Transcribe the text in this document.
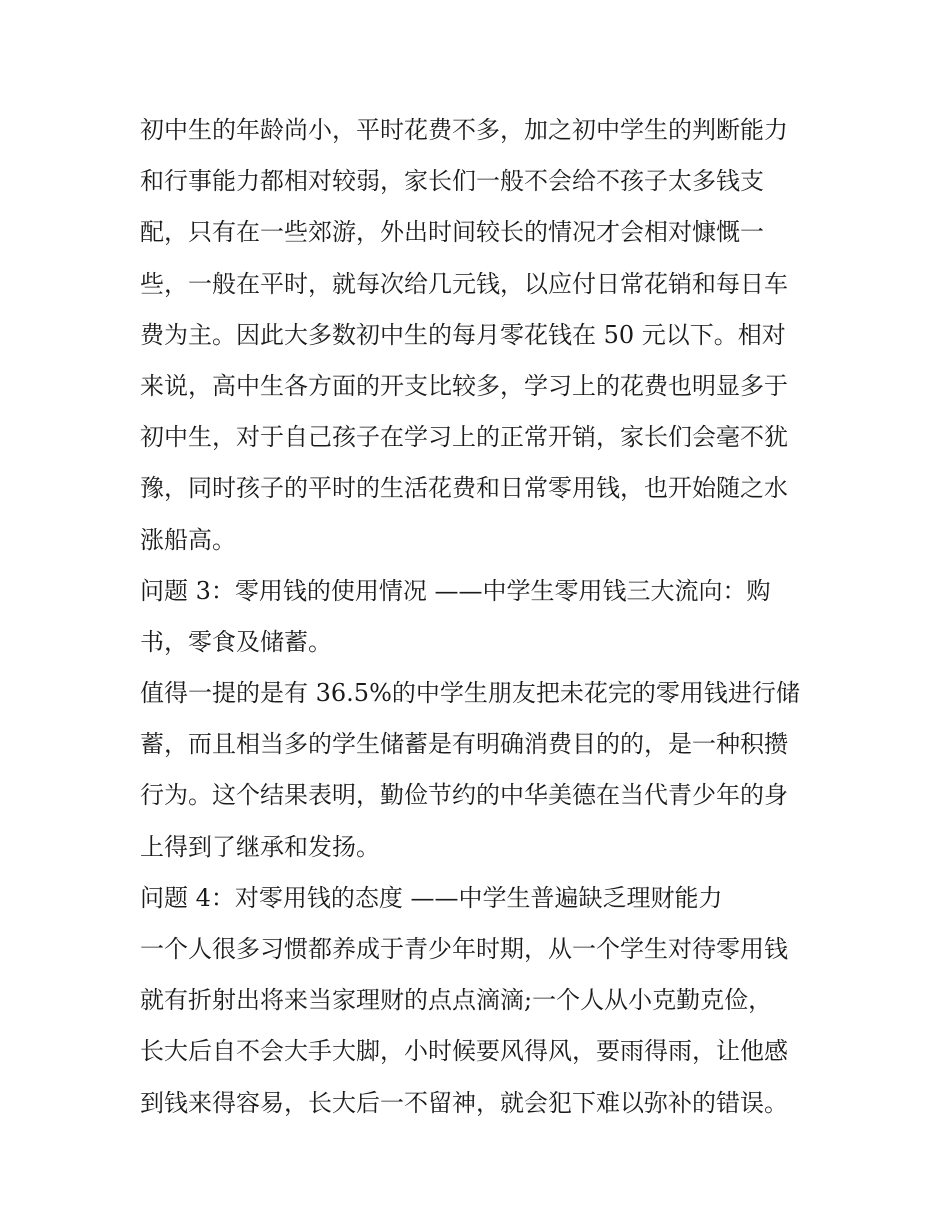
初中生的年龄尚小，平时花费不多，加之初中学生的判断能力
和行事能力都相对较弱，家长们一般不会给不孩子太多钱支
配，只有在一些郊游，外出时间较长的情况才会相对慷慨一
些，一般在平时，就每次给几元钱，以应付日常花销和每日车
费为主。因此大多数初中生的每月零花钱在 50 元以下。相对
来说，高中生各方面的开支比较多，学习上的花费也明显多于
初中生，对于自己孩子在学习上的正常开销，家长们会毫不犹
豫，同时孩子的平时的生活花费和日常零用钱，也开始随之水
涨船高。
问题 3：零用钱的使用情况 ——中学生零用钱三大流向：购
书，零食及储蓄。
值得一提的是有 36.5%的中学生朋友把未花完的零用钱进行储
蓄，而且相当多的学生储蓄是有明确消费目的的，是一种积攒
行为。这个结果表明，勤俭节约的中华美德在当代青少年的身
上得到了继承和发扬。
问题 4：对零用钱的态度 ——中学生普遍缺乏理财能力
一个人很多习惯都养成于青少年时期，从一个学生对待零用钱
就有折射出将来当家理财的点点滴滴;一个人从小克勤克俭，
长大后自不会大手大脚，小时候要风得风，要雨得雨，让他感
到钱来得容易，长大后一不留神，就会犯下难以弥补的错误。
